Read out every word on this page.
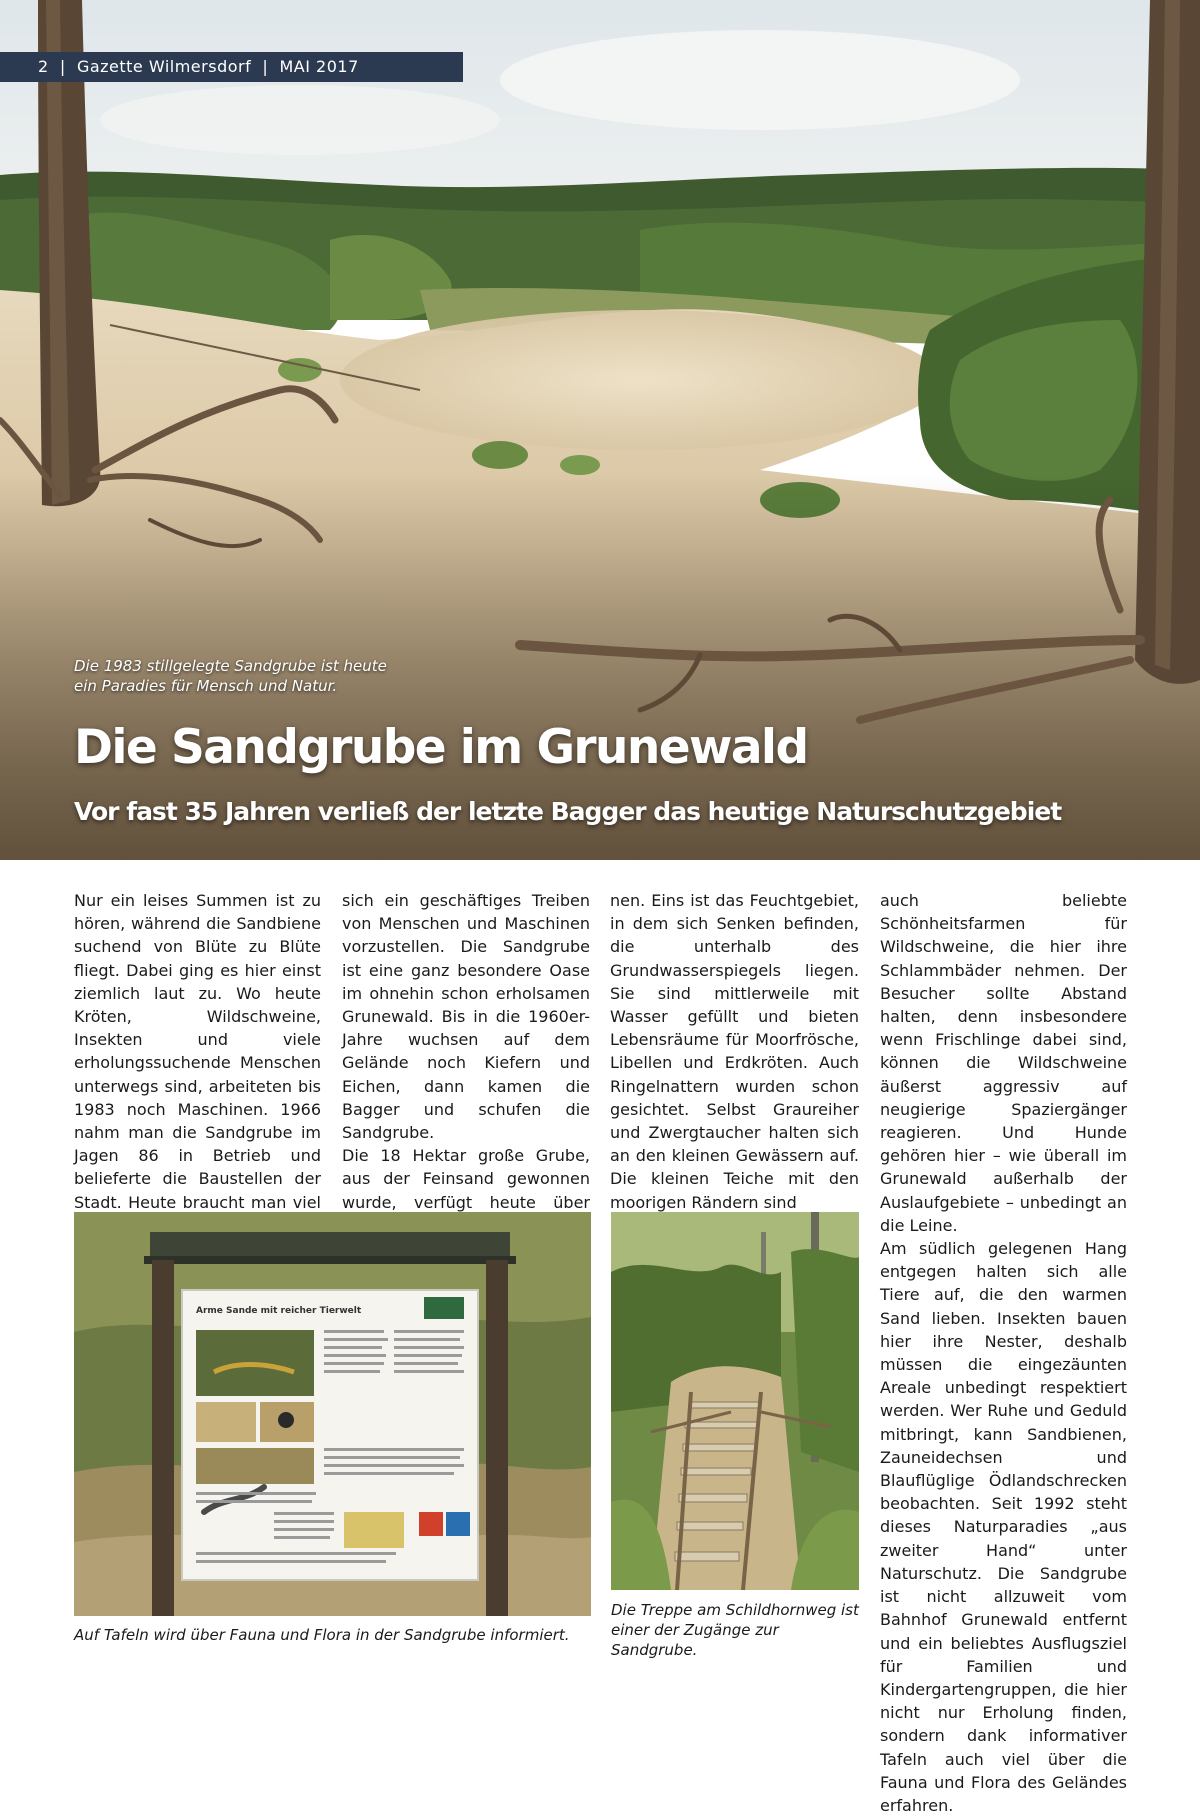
2  |  Gazette Wilmersdorf  |  MAI 2017
Die 1983 stillgelegte Sandgrube ist heute ein Paradies für Mensch und Natur.
Die Sandgrube im Grunewald
Vor fast 35 Jahren verließ der letzte Bagger das heutige Naturschutzgebiet

Nur ein leises Summen ist zu hören, während die Sandbiene suchend von Blüte zu Blüte fliegt. Dabei ging es hier einst ziemlich laut zu. Wo heute Kröten, Wildschweine, Insekten und viele erholungssuchende Menschen unterwegs sind, arbeiteten bis 1983 noch Maschinen. 1966 nahm man die Sandgrube im Jagen 86 in Betrieb und belieferte die Baustellen der Stadt. Heute braucht man viel

sich ein geschäftiges Treiben von Menschen und Maschinen vorzustellen. Die Sandgrube ist eine ganz besondere Oase im ohnehin schon erholsamen Grunewald. Bis in die 1960er-Jahre wuchsen auf dem Gelände noch Kiefern und Eichen, dann kamen die Bagger und schufen die Sandgrube.

Die 18 Hektar große Grube, aus der Feinsand gewonnen wurde, verfügt heute über

nen. Eins ist das Feuchtgebiet, in dem sich Senken befinden, die unterhalb des Grundwasserspiegels liegen. Sie sind mittlerweile mit Wasser gefüllt und bieten Lebensräume für Moorfrösche, Libellen und Erdkröten. Auch Ringelnattern wurden schon gesichtet. Selbst Graureiher und Zwergtaucher halten sich an den kleinen Gewässern auf. Die kleinen Teiche mit den moorigen Rändern sind

auch beliebte Schönheitsfarmen für Wildschweine, die hier ihre Schlammbäder nehmen. Der Besucher sollte Abstand halten, denn insbesondere wenn Frischlinge dabei sind, können die Wildschweine äußerst aggressiv auf neugierige Spaziergänger reagieren. Und Hunde gehören hier – wie überall im Grunewald außerhalb der Auslaufgebiete – unbedingt an die Leine.

Am südlich gelegenen Hang entgegen halten sich alle Tiere auf, die den warmen Sand lieben. Insekten bauen hier ihre Nester, deshalb müssen die eingezäunten Areale unbedingt respektiert werden. Wer Ruhe und Geduld mitbringt, kann Sandbienen, Zauneidechsen und Blauflüglige Ödlandschrecken beobachten. Seit 1992 steht dieses Naturparadies „aus zweiter Hand“ unter Naturschutz. Die Sandgrube ist nicht allzuweit vom Bahnhof Grunewald entfernt und ein beliebtes Ausflugsziel für Familien und Kindergartengruppen, die hier nicht nur Erholung finden, sondern dank informativer Tafeln auch viel über die Fauna und Flora des Geländes erfahren.

Arme Sande mit reicher Tierwelt
Auf Tafeln wird über Fauna und Flora in der Sandgrube informiert.
Die Treppe am Schildhornweg ist einer der Zugänge zur Sandgrube.
